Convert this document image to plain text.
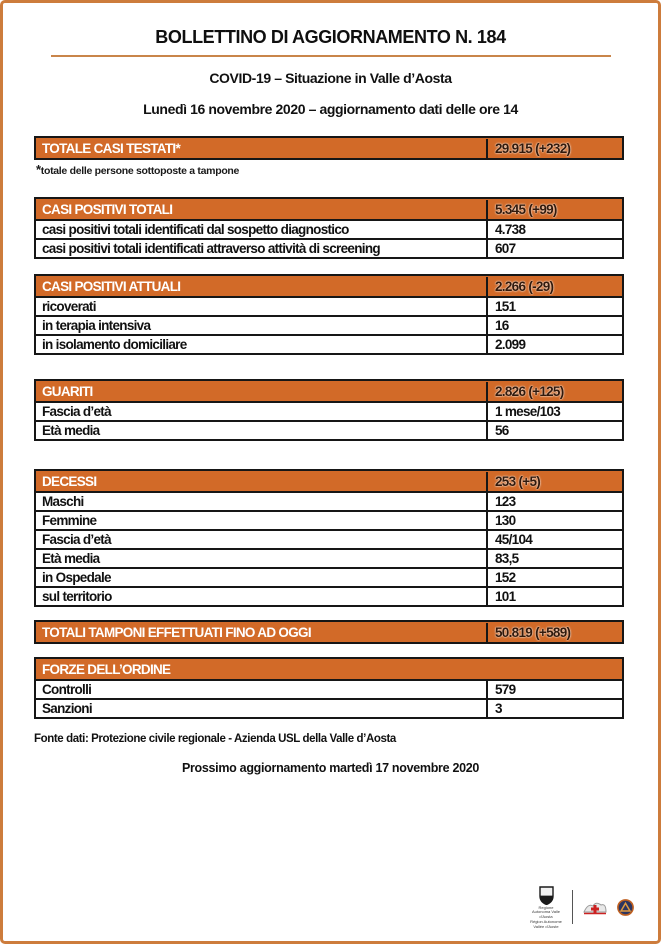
BOLLETTINO DI AGGIORNAMENTO N. 184
COVID-19 – Situazione in Valle d’Aosta
Lunedì 16 novembre 2020 – aggiornamento dati delle ore 14
TOTALE CASI TESTATI*	29.915 (+232)
*totale delle persone sottoposte a tampone
CASI POSITIVI TOTALI	5.345 (+99)
casi positivi totali identificati dal sospetto diagnostico	4.738
casi positivi totali identificati attraverso attività di screening	607
CASI POSITIVI ATTUALI	2.266 (-29)
ricoverati	151
in terapia intensiva	16
in isolamento domiciliare	2.099
GUARITI	2.826 (+125)
Fascia d’età	1 mese/103
Età media	56
DECESSI	253 (+5)
Maschi	123
Femmine	130
Fascia d’età	45/104
Età media	83,5
in Ospedale	152
sul territorio	101
TOTALI TAMPONI EFFETTUATI FINO AD OGGI	50.819 (+589)
FORZE DELL’ORDINE
Controlli	579
Sanzioni	3
Fonte dati: Protezione civile regionale - Azienda USL della Valle d’Aosta
Prossimo aggiornamento martedì 17 novembre 2020
Regione Autonoma Valle d'Aosta
Région Autonome Vallée d'Aoste
